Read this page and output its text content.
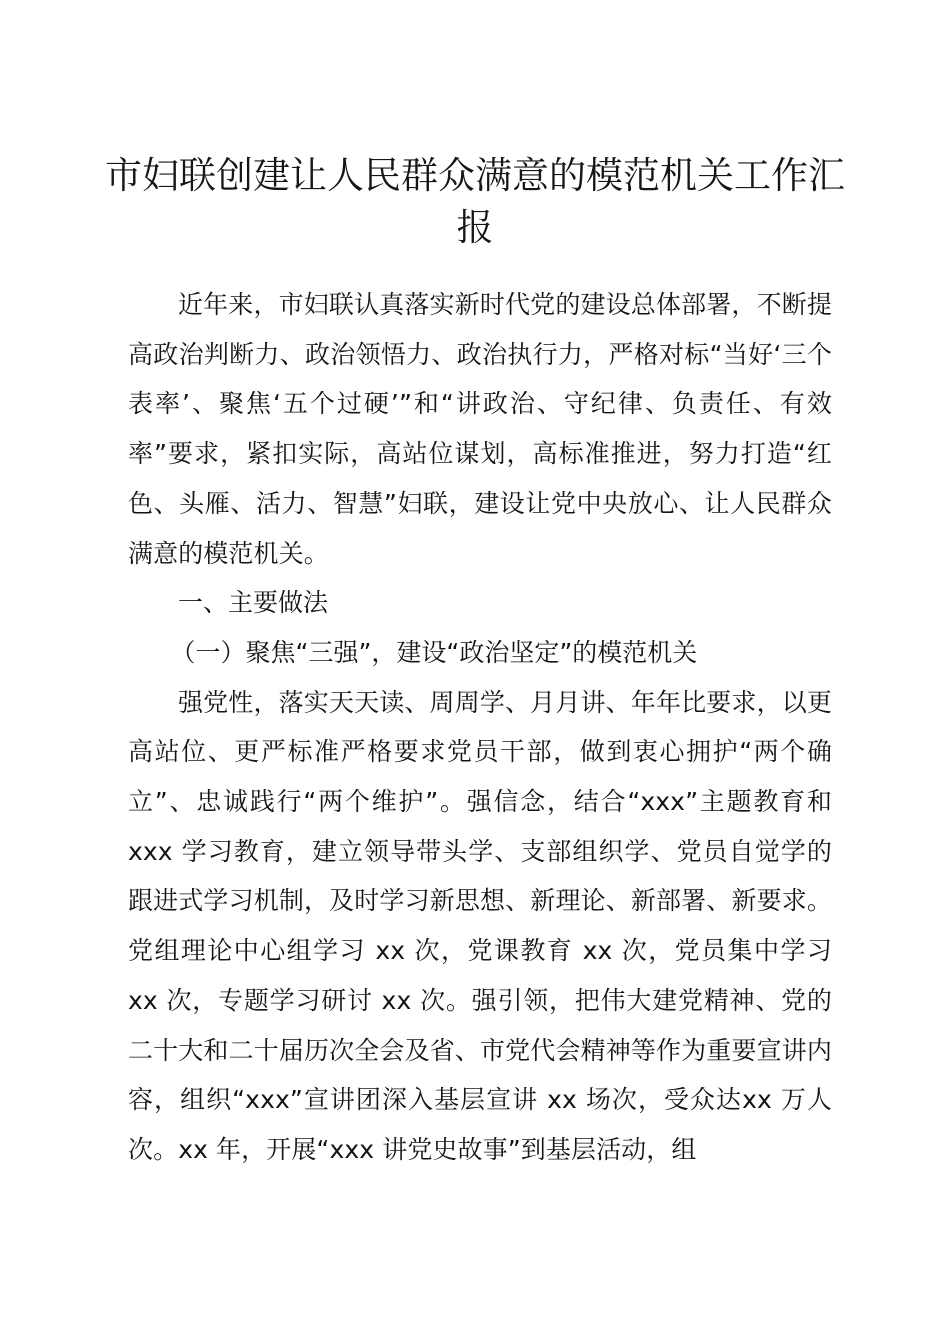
市妇联创建让人民群众满意的模范机关工作汇
报

近年来，市妇联认真落实新时代党的建设总体部署，不断提高政治判断力、政治领悟力、政治执行力，严格对标“当好‘三个表率’、聚焦‘五个过硬’”和“讲政治、守纪律、负责任、有效率”要求，紧扣实际，高站位谋划，高标准推进，努力打造“红色、头雁、活力、智慧”妇联，建设让党中央放心、让人民群众满意的模范机关。

一、主要做法

（一）聚焦“三强”，建设“政治坚定”的模范机关

强党性，落实天天读、周周学、月月讲、年年比要求，以更高站位、更严标准严格要求党员干部，做到衷心拥护“两个确立”、忠诚践行“两个维护”。强信念，结合“xxx”主题教育和 xxx 学习教育，建立领导带头学、支部组织学、党员自觉学的跟进式学习机制，及时学习新思想、新理论、新部署、新要求。党组理论中心组学习 xx 次，党课教育 xx 次，党员集中学习 xx 次，专题学习研讨 xx 次。强引领，把伟大建党精神、党的二十大和二十届历次全会及省、市党代会精神等作为重要宣讲内容，组织“xxx”宣讲团深入基层宣讲 xx 场次，受众达xx 万人次。xx 年，开展“xxx 讲党史故事”到基层活动，组
